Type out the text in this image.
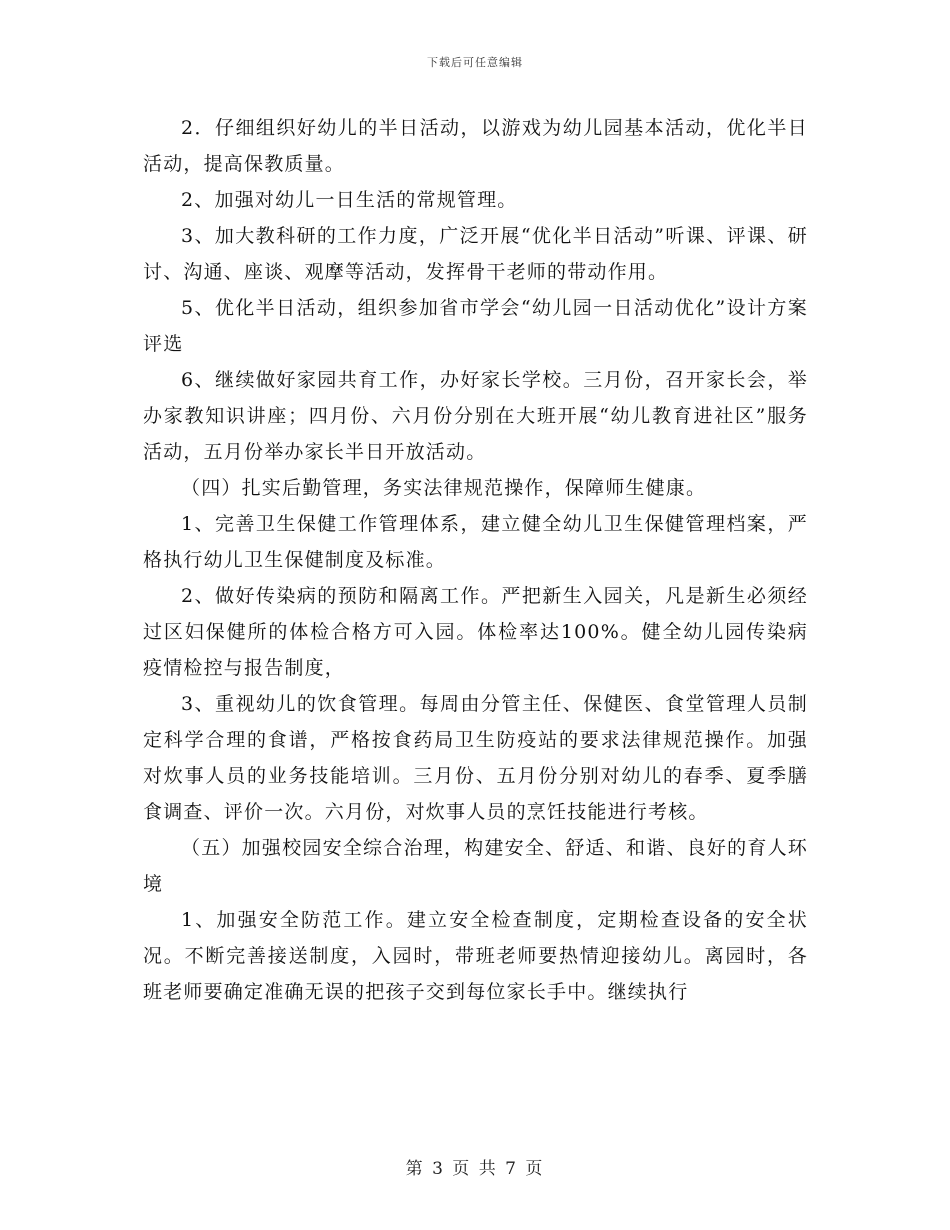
下载后可任意编辑

2．仔细组织好幼儿的半日活动，以游戏为幼儿园基本活动，优化半日活动，提高保教质量。

2、加强对幼儿一日生活的常规管理。

3、加大教科研的工作力度，广泛开展“优化半日活动”听课、评课、研讨、沟通、座谈、观摩等活动，发挥骨干老师的带动作用。

5、优化半日活动，组织参加省市学会“幼儿园一日活动优化”设计方案评选

6、继续做好家园共育工作，办好家长学校。三月份，召开家长会，举办家教知识讲座；四月份、六月份分别在大班开展“幼儿教育进社区”服务活动，五月份举办家长半日开放活动。

（四）扎实后勤管理，务实法律规范操作，保障师生健康。

1、完善卫生保健工作管理体系，建立健全幼儿卫生保健管理档案，严格执行幼儿卫生保健制度及标准。

2、做好传染病的预防和隔离工作。严把新生入园关，凡是新生必须经过区妇保健所的体检合格方可入园。体检率达100%。健全幼儿园传染病疫情检控与报告制度，

3、重视幼儿的饮食管理。每周由分管主任、保健医、食堂管理人员制定科学合理的食谱，严格按食药局卫生防疫站的要求法律规范操作。加强对炊事人员的业务技能培训。三月份、五月份分别对幼儿的春季、夏季膳食调查、评价一次。六月份，对炊事人员的烹饪技能进行考核。

（五）加强校园安全综合治理，构建安全、舒适、和谐、良好的育人环境

1、加强安全防范工作。建立安全检查制度，定期检查设备的安全状况。不断完善接送制度，入园时，带班老师要热情迎接幼儿。离园时，各班老师要确定准确无误的把孩子交到每位家长手中。继续执行

第 3 页 共 7 页
